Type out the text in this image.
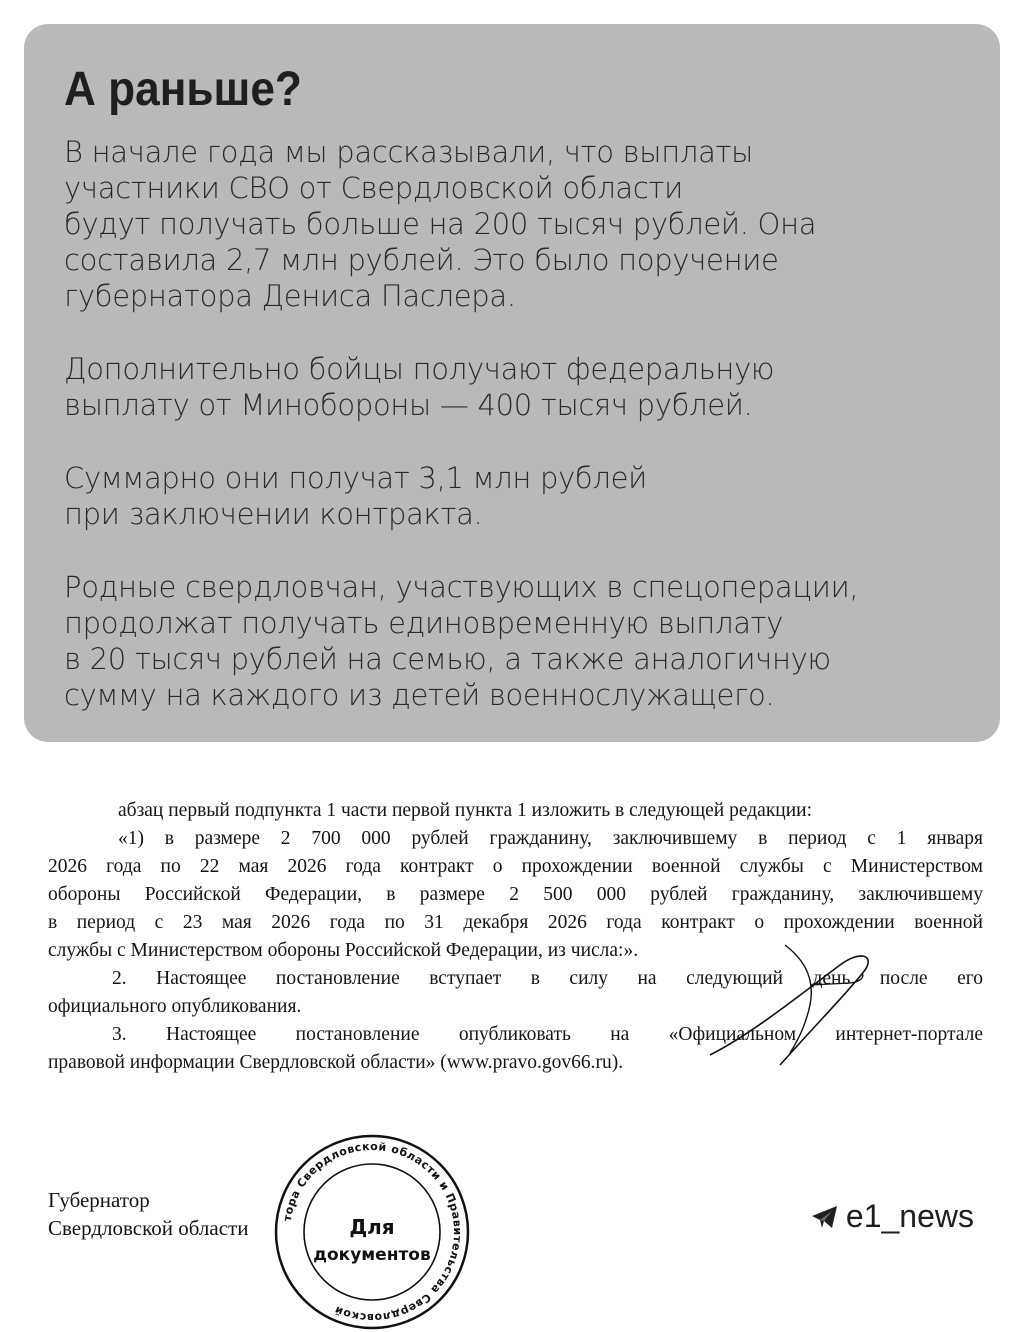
А раньше?

В начале года мы рассказывали, что выплаты
участники СВО от Свердловской области
будут получать больше на 200 тысяч рублей. Она
составила 2,7 млн рублей. Это было поручение
губернатора Дениса Паслера.

Дополнительно бойцы получают федеральную
выплату от Минобороны — 400 тысяч рублей.

Суммарно они получат 3,1 млн рублей
при заключении контракта.

Родные свердловчан, участвующих в спецоперации,
продолжат получать единовременную выплату
в 20 тысяч рублей на семью, а также аналогичную
сумму на каждого из детей военнослужащего.

абзац первый подпункта 1 части первой пункта 1 изложить в следующей редакции:
«1) в размере 2 700 000 рублей гражданину, заключившему в период с 1 января
2026 года по 22 мая 2026 года контракт о прохождении военной службы с Министерством
обороны Российской Федерации, в размере 2 500 000 рублей гражданину, заключившему
в период с 23 мая 2026 года по 31 декабря 2026 года контракт о прохождении военной
службы с Министерством обороны Российской Федерации, из числа:».
2. Настоящее постановление вступает в силу на следующий день после его
официального опубликования.
3. Настоящее постановление опубликовать на «Официальном интернет-портале
правовой информации Свердловской области» (www.pravo.gov66.ru).
Губернатор
Свердловской области	тора Свердловской области и Правительства Свердловской
Для
документов
e1_news
